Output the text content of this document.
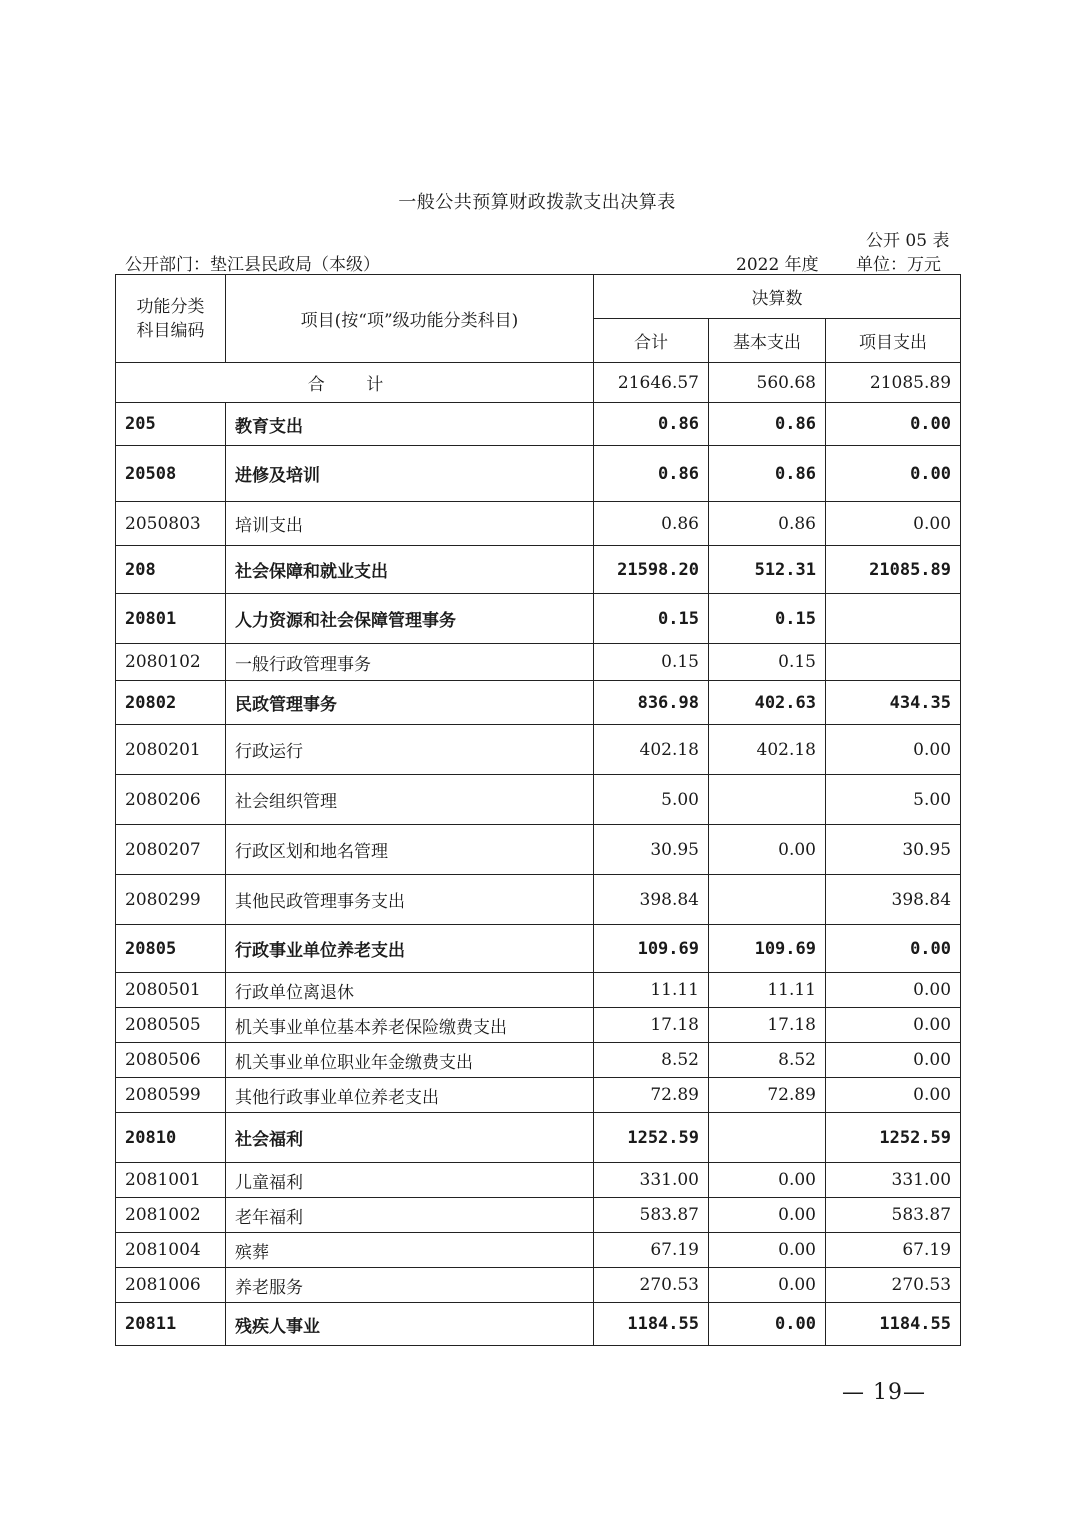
一般公共预算财政拨款支出决算表
公开 05 表
公开部门：垫江县民政局（本级）	2022 年度 单位：万元
功能分类
科目编码	项目(按“项”级功能分类科目)	决算数		
		合计	基本支出	项目支出
合 计		21646.57	560.68	21085.89
205	教育支出	0.86	0.86	0.00
20508	进修及培训	0.86	0.86	0.00
2050803	培训支出	0.86	0.86	0.00
208	社会保障和就业支出	21598.20	512.31	21085.89
20801	人力资源和社会保障管理事务	0.15	0.15	
2080102	一般行政管理事务	0.15	0.15	
20802	民政管理事务	836.98	402.63	434.35
2080201	行政运行	402.18	402.18	0.00
2080206	社会组织管理	5.00		5.00
2080207	行政区划和地名管理	30.95	0.00	30.95
2080299	其他民政管理事务支出	398.84		398.84
20805	行政事业单位养老支出	109.69	109.69	0.00
2080501	行政单位离退休	11.11	11.11	0.00
2080505	机关事业单位基本养老保险缴费支出	17.18	17.18	0.00
2080506	机关事业单位职业年金缴费支出	8.52	8.52	0.00
2080599	其他行政事业单位养老支出	72.89	72.89	0.00
20810	社会福利	1252.59		1252.59
2081001	儿童福利	331.00	0.00	331.00
2081002	老年福利	583.87	0.00	583.87
2081004	殡葬	67.19	0.00	67.19
2081006	养老服务	270.53	0.00	270.53
20811	残疾人事业	1184.55	0.00	1184.55
— 19—
